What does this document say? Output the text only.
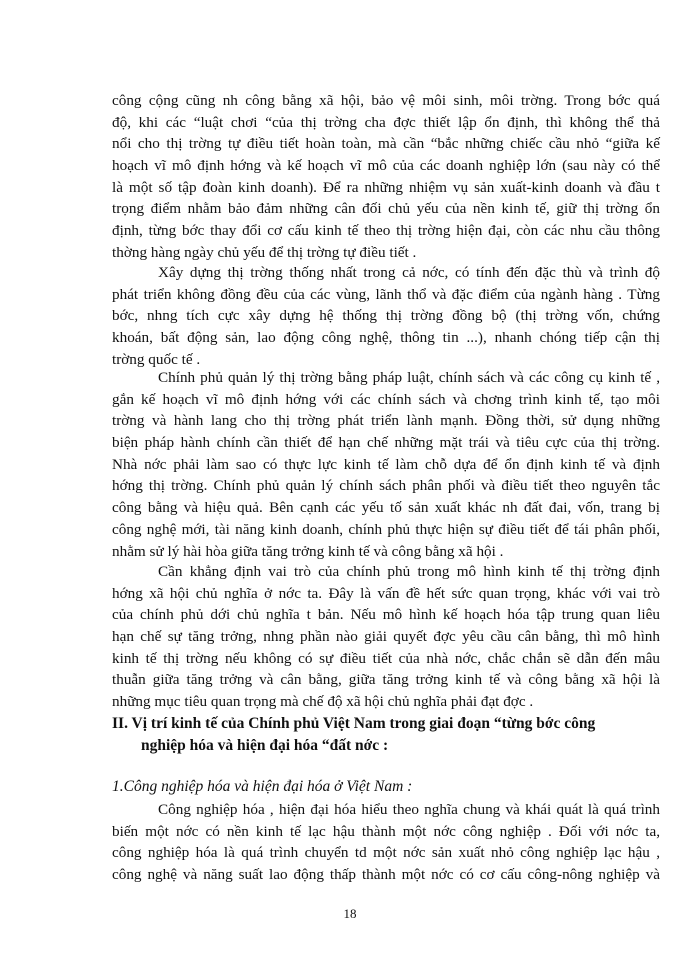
công cộng cũng nh công bằng xã hội, bảo vệ môi sinh, môi trờng. Trong bớc quá
độ, khi các “luật chơi “của thị trờng cha đợc thiết lập ổn định, thì không thể thả
nổi cho thị trờng tự điều tiết hoàn toàn, mà cần “bắc những chiếc cầu nhỏ “giữa kế
hoạch vĩ mô định hớng và kế hoạch vĩ mô của các doanh nghiệp lớn (sau này có thể
là một số tập đoàn kinh doanh). Để ra những nhiệm vụ sản xuất-kinh doanh và đầu t
trọng điểm nhằm bảo đảm những cân đối chủ yếu của nền kinh tế, giữ thị trờng ổn
định, từng bớc thay đổi cơ cấu kinh tế theo thị trờng hiện đại, còn các nhu cầu thông
thờng hàng ngày chủ yếu để thị trờng tự điều tiết .
Xây dựng thị trờng thống nhất trong cả nớc, có tính đến đặc thù và trình độ
phát triển không đồng đều của các vùng, lãnh thổ và đặc điểm của ngành hàng . Từng
bớc, nhng tích cực xây dựng hệ thống thị trờng đồng bộ (thị trờng vốn, chứng
khoán, bất động sản, lao động công nghệ, thông tin ...), nhanh chóng tiếp cận thị
trờng quốc tế .
Chính phủ quản lý thị trờng bằng pháp luật, chính sách và các công cụ kinh tế ,
gắn kế hoạch vĩ mô định hớng với các chính sách và chơng trình kinh tế, tạo môi
trờng và hành lang cho thị trờng phát triển lành mạnh. Đồng thời, sử dụng những
biện pháp hành chính cần thiết để hạn chế những mặt trái và tiêu cực của thị trờng.
Nhà nớc phải làm sao có thực lực kinh tế làm chỗ dựa để ổn định kinh tế và định
hớng thị trờng. Chính phủ quản lý chính sách phân phối và điều tiết theo nguyên tắc
công bằng và hiệu quả. Bên cạnh các yếu tố sản xuất khác nh đất đai, vốn, trang bị
công nghệ mới, tài năng kinh doanh, chính phủ thực hiện sự điều tiết để tái phân phối,
nhằm sử lý hài hòa giữa tăng trởng kinh tế và công bằng xã hội .
Cần khẳng định vai trò của chính phủ trong mô hình kinh tế thị trờng định
hớng xã hội chủ nghĩa ở nớc ta. Đây là vấn đề hết sức quan trọng, khác với vai trò
của chính phủ dới chủ nghĩa t bản. Nếu mô hình kế hoạch hóa tập trung quan liêu
hạn chế sự tăng trởng, nhng phần nào giải quyết đợc yêu cầu cân bằng, thì mô hình
kinh tế thị trờng nếu không có sự điều tiết của nhà nớc, chắc chắn sẽ dẫn đến mâu
thuẫn giữa tăng trởng và cân bằng, giữa tăng trởng kinh tế và công bằng xã hội là
những mục tiêu quan trọng mà chế độ xã hội chủ nghĩa phải đạt đợc .
II. Vị trí kinh tế của Chính phủ Việt Nam trong giai đoạn “từng bớc công
nghiệp hóa và hiện đại hóa “đất nớc :
1.Công nghiệp hóa và hiện đại hóa ở Việt Nam :
Công nghiệp hóa , hiện đại hóa hiểu theo nghĩa chung và khái quát là quá trình
biến một nớc có nền kinh tế lạc hậu thành một nớc công nghiệp . Đối với nớc ta,
công nghiệp hóa là quá trình chuyển td một nớc sản xuất nhỏ công nghiệp lạc hậu ,
công nghệ và năng suất lao động thấp thành một nớc có cơ cấu công-nông nghiệp và
18
